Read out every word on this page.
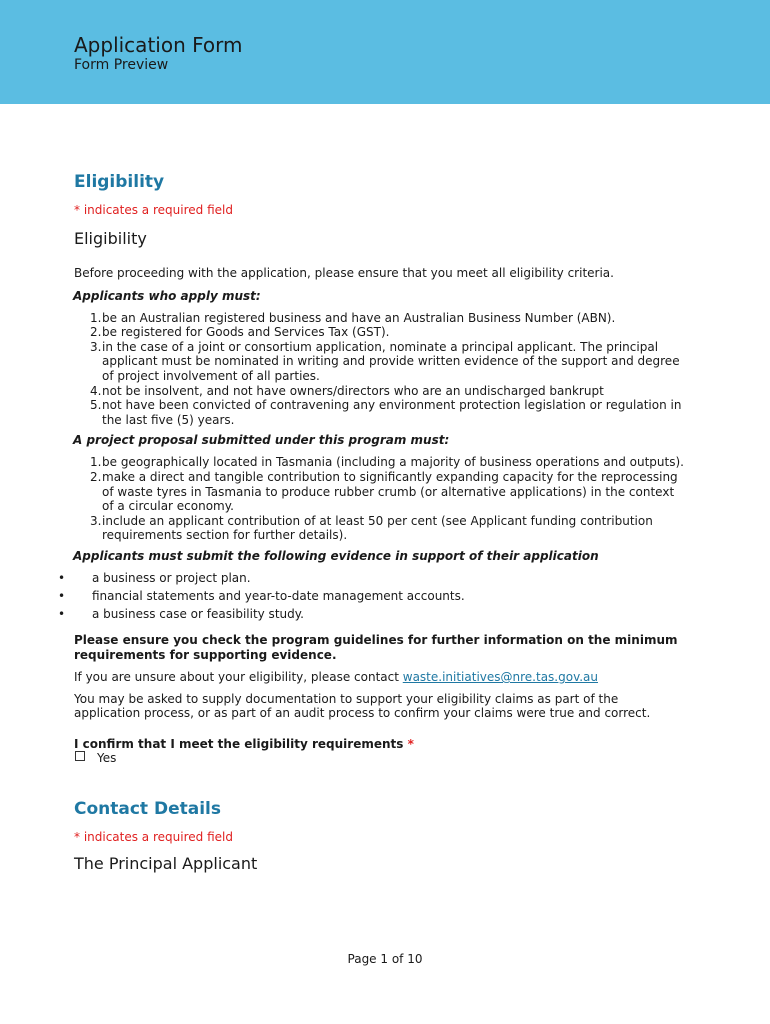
Application Form
Form Preview
Eligibility
* indicates a required field
Eligibility

Before proceeding with the application, please ensure that you meet all eligibility criteria.

Applicants who apply must:
1. be an Australian registered business and have an Australian Business Number (ABN).
2. be registered for Goods and Services Tax (GST).
3. in the case of a joint or consortium application, nominate a principal applicant. The principal applicant must be nominated in writing and provide written evidence of the support and degree of project involvement of all parties.
4. not be insolvent, and not have owners/directors who are an undischarged bankrupt
5. not have been convicted of contravening any environment protection legislation or regulation in the last five (5) years.
A project proposal submitted under this program must:
1. be geographically located in Tasmania (including a majority of business operations and outputs).
2. make a direct and tangible contribution to significantly expanding capacity for the reprocessing of waste tyres in Tasmania to produce rubber crumb (or alternative applications) in the context of a circular economy.
3. include an applicant contribution of at least 50 per cent (see Applicant funding contribution requirements section for further details).
Applicants must submit the following evidence in support of their application
• a business or project plan.
• financial statements and year-to-date management accounts.
• a business case or feasibility study.
Please ensure you check the program guidelines for further information on the minimum requirements for supporting evidence.

If you are unsure about your eligibility, please contact waste.initiatives@nre.tas.gov.au

You may be asked to supply documentation to support your eligibility claims as part of the application process, or as part of an audit process to confirm your claims were true and correct.

I confirm that I meet the eligibility requirements *
Yes
Contact Details
* indicates a required field
The Principal Applicant
Page 1 of 10
